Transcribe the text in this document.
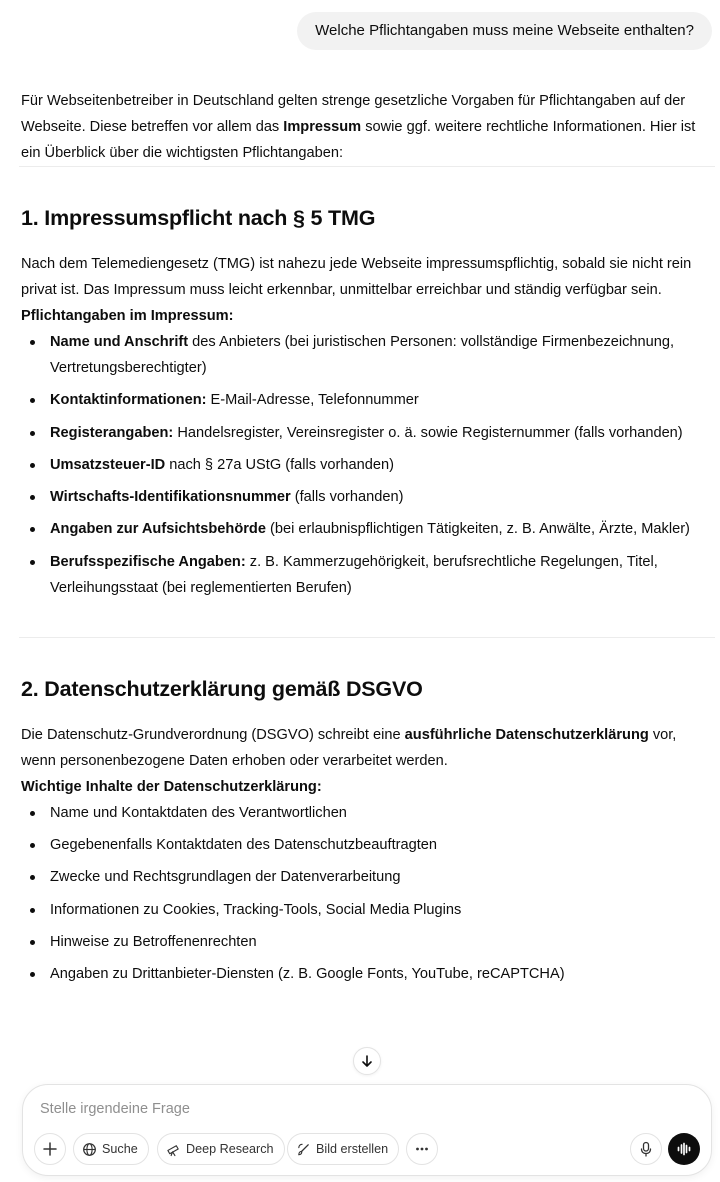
Welche Pflichtangaben muss meine Webseite enthalten?

Für Webseitenbetreiber in Deutschland gelten strenge gesetzliche Vorgaben für Pflichtangaben auf der Webseite. Diese betreffen vor allem das Impressum sowie ggf. weitere rechtliche Informationen. Hier ist ein Überblick über die wichtigsten Pflichtangaben:

1. Impressumspflicht nach § 5 TMG

Nach dem Telemediengesetz (TMG) ist nahezu jede Webseite impressumspflichtig, sobald sie nicht rein privat ist. Das Impressum muss leicht erkennbar, unmittelbar erreichbar und ständig verfügbar sein.

Pflichtangaben im Impressum:

Name und Anschrift des Anbieters (bei juristischen Personen: vollständige Firmenbezeichnung, Vertretungsberechtigter)
Kontaktinformationen: E-Mail-Adresse, Telefonnummer
Registerangaben: Handelsregister, Vereinsregister o. ä. sowie Registernummer (falls vorhanden)
Umsatzsteuer-ID nach § 27a UStG (falls vorhanden)
Wirtschafts-Identifikationsnummer (falls vorhanden)
Angaben zur Aufsichtsbehörde (bei erlaubnispflichtigen Tätigkeiten, z. B. Anwälte, Ärzte, Makler)
Berufsspezifische Angaben: z. B. Kammerzugehörigkeit, berufsrechtliche Regelungen, Titel, Verleihungsstaat (bei reglementierten Berufen)
2. Datenschutzerklärung gemäß DSGVO

Die Datenschutz-Grundverordnung (DSGVO) schreibt eine ausführliche Datenschutzerklärung vor, wenn personenbezogene Daten erhoben oder verarbeitet werden.

Wichtige Inhalte der Datenschutzerklärung:

Name und Kontaktdaten des Verantwortlichen
Gegebenenfalls Kontaktdaten des Datenschutzbeauftragten
Zwecke und Rechtsgrundlagen der Datenverarbeitung
Informationen zu Cookies, Tracking-Tools, Social Media Plugins
Hinweise zu Betroffenenrechten
Angaben zu Drittanbieter-Diensten (z. B. Google Fonts, YouTube, reCAPTCHA)
Stelle irgendeine Frage
Suche	Deep Research	Bild erstellen
